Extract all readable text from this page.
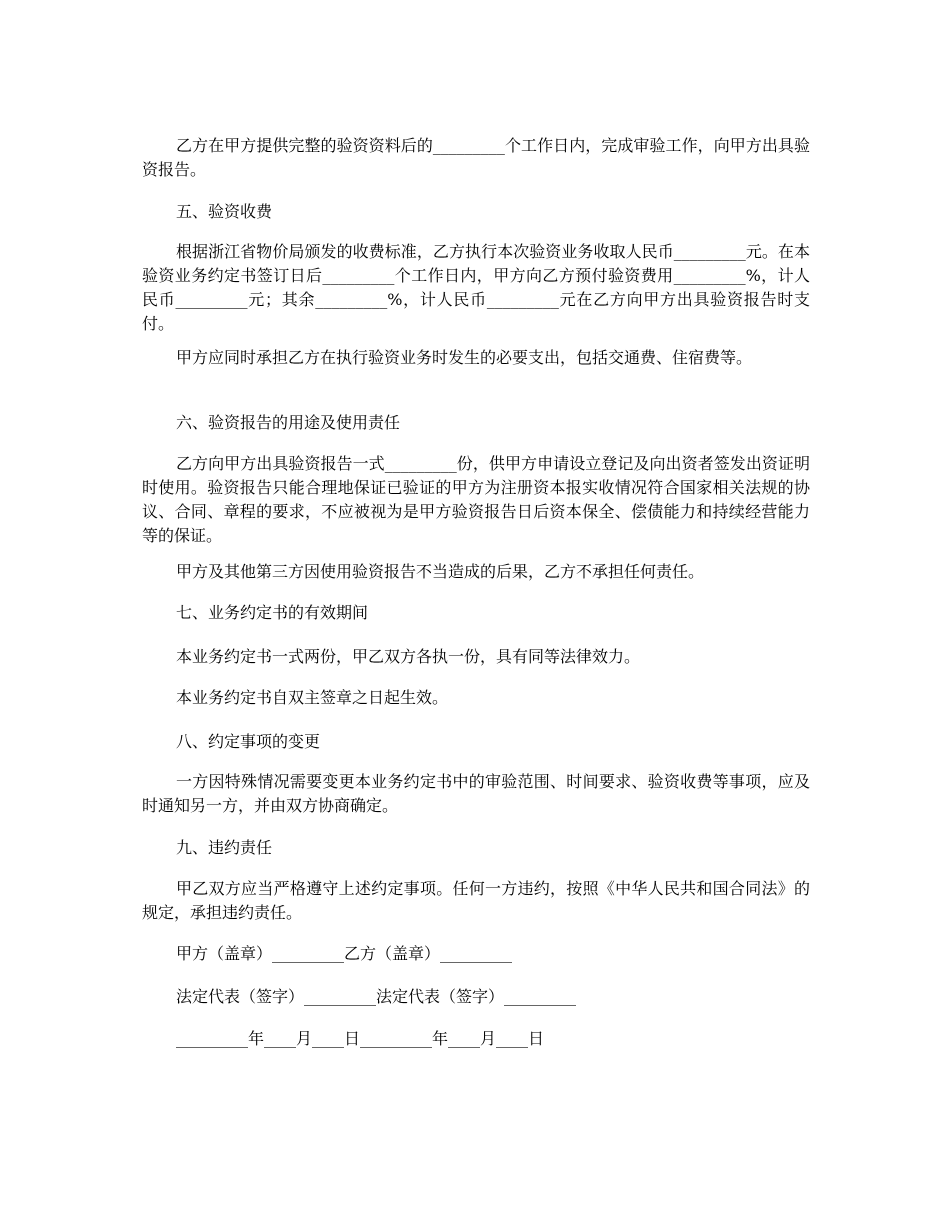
乙方在甲方提供完整的验资资料后的_________个工作日内，完成审验工作，向甲方出具验资报告。
五、验资收费
根据浙江省物价局颁发的收费标准，乙方执行本次验资业务收取人民币_________元。在本验资业务约定书签订日后_________个工作日内，甲方向乙方预付验资费用_________%，计人民币_________元；其余_________%，计人民币_________元在乙方向甲方出具验资报告时支付。
甲方应同时承担乙方在执行验资业务时发生的必要支出，包括交通费、住宿费等。
六、验资报告的用途及使用责任
乙方向甲方出具验资报告一式_________份，供甲方申请设立登记及向出资者签发出资证明时使用。验资报告只能合理地保证已验证的甲方为注册资本报实收情况符合国家相关法规的协议、合同、章程的要求，不应被视为是甲方验资报告日后资本保全、偿债能力和持续经营能力等的保证。
甲方及其他第三方因使用验资报告不当造成的后果，乙方不承担任何责任。
七、业务约定书的有效期间
本业务约定书一式两份，甲乙双方各执一份，具有同等法律效力。
本业务约定书自双主签章之日起生效。
八、约定事项的变更
一方因特殊情况需要变更本业务约定书中的审验范围、时间要求、验资收费等事项，应及时通知另一方，并由双方协商确定。
九、违约责任
甲乙双方应当严格遵守上述约定事项。任何一方违约，按照《中华人民共和国合同法》的规定，承担违约责任。
甲方（盖章）_________乙方（盖章）_________
法定代表（签字）_________法定代表（签字）_________
_________年____月____日_________年____月____日
